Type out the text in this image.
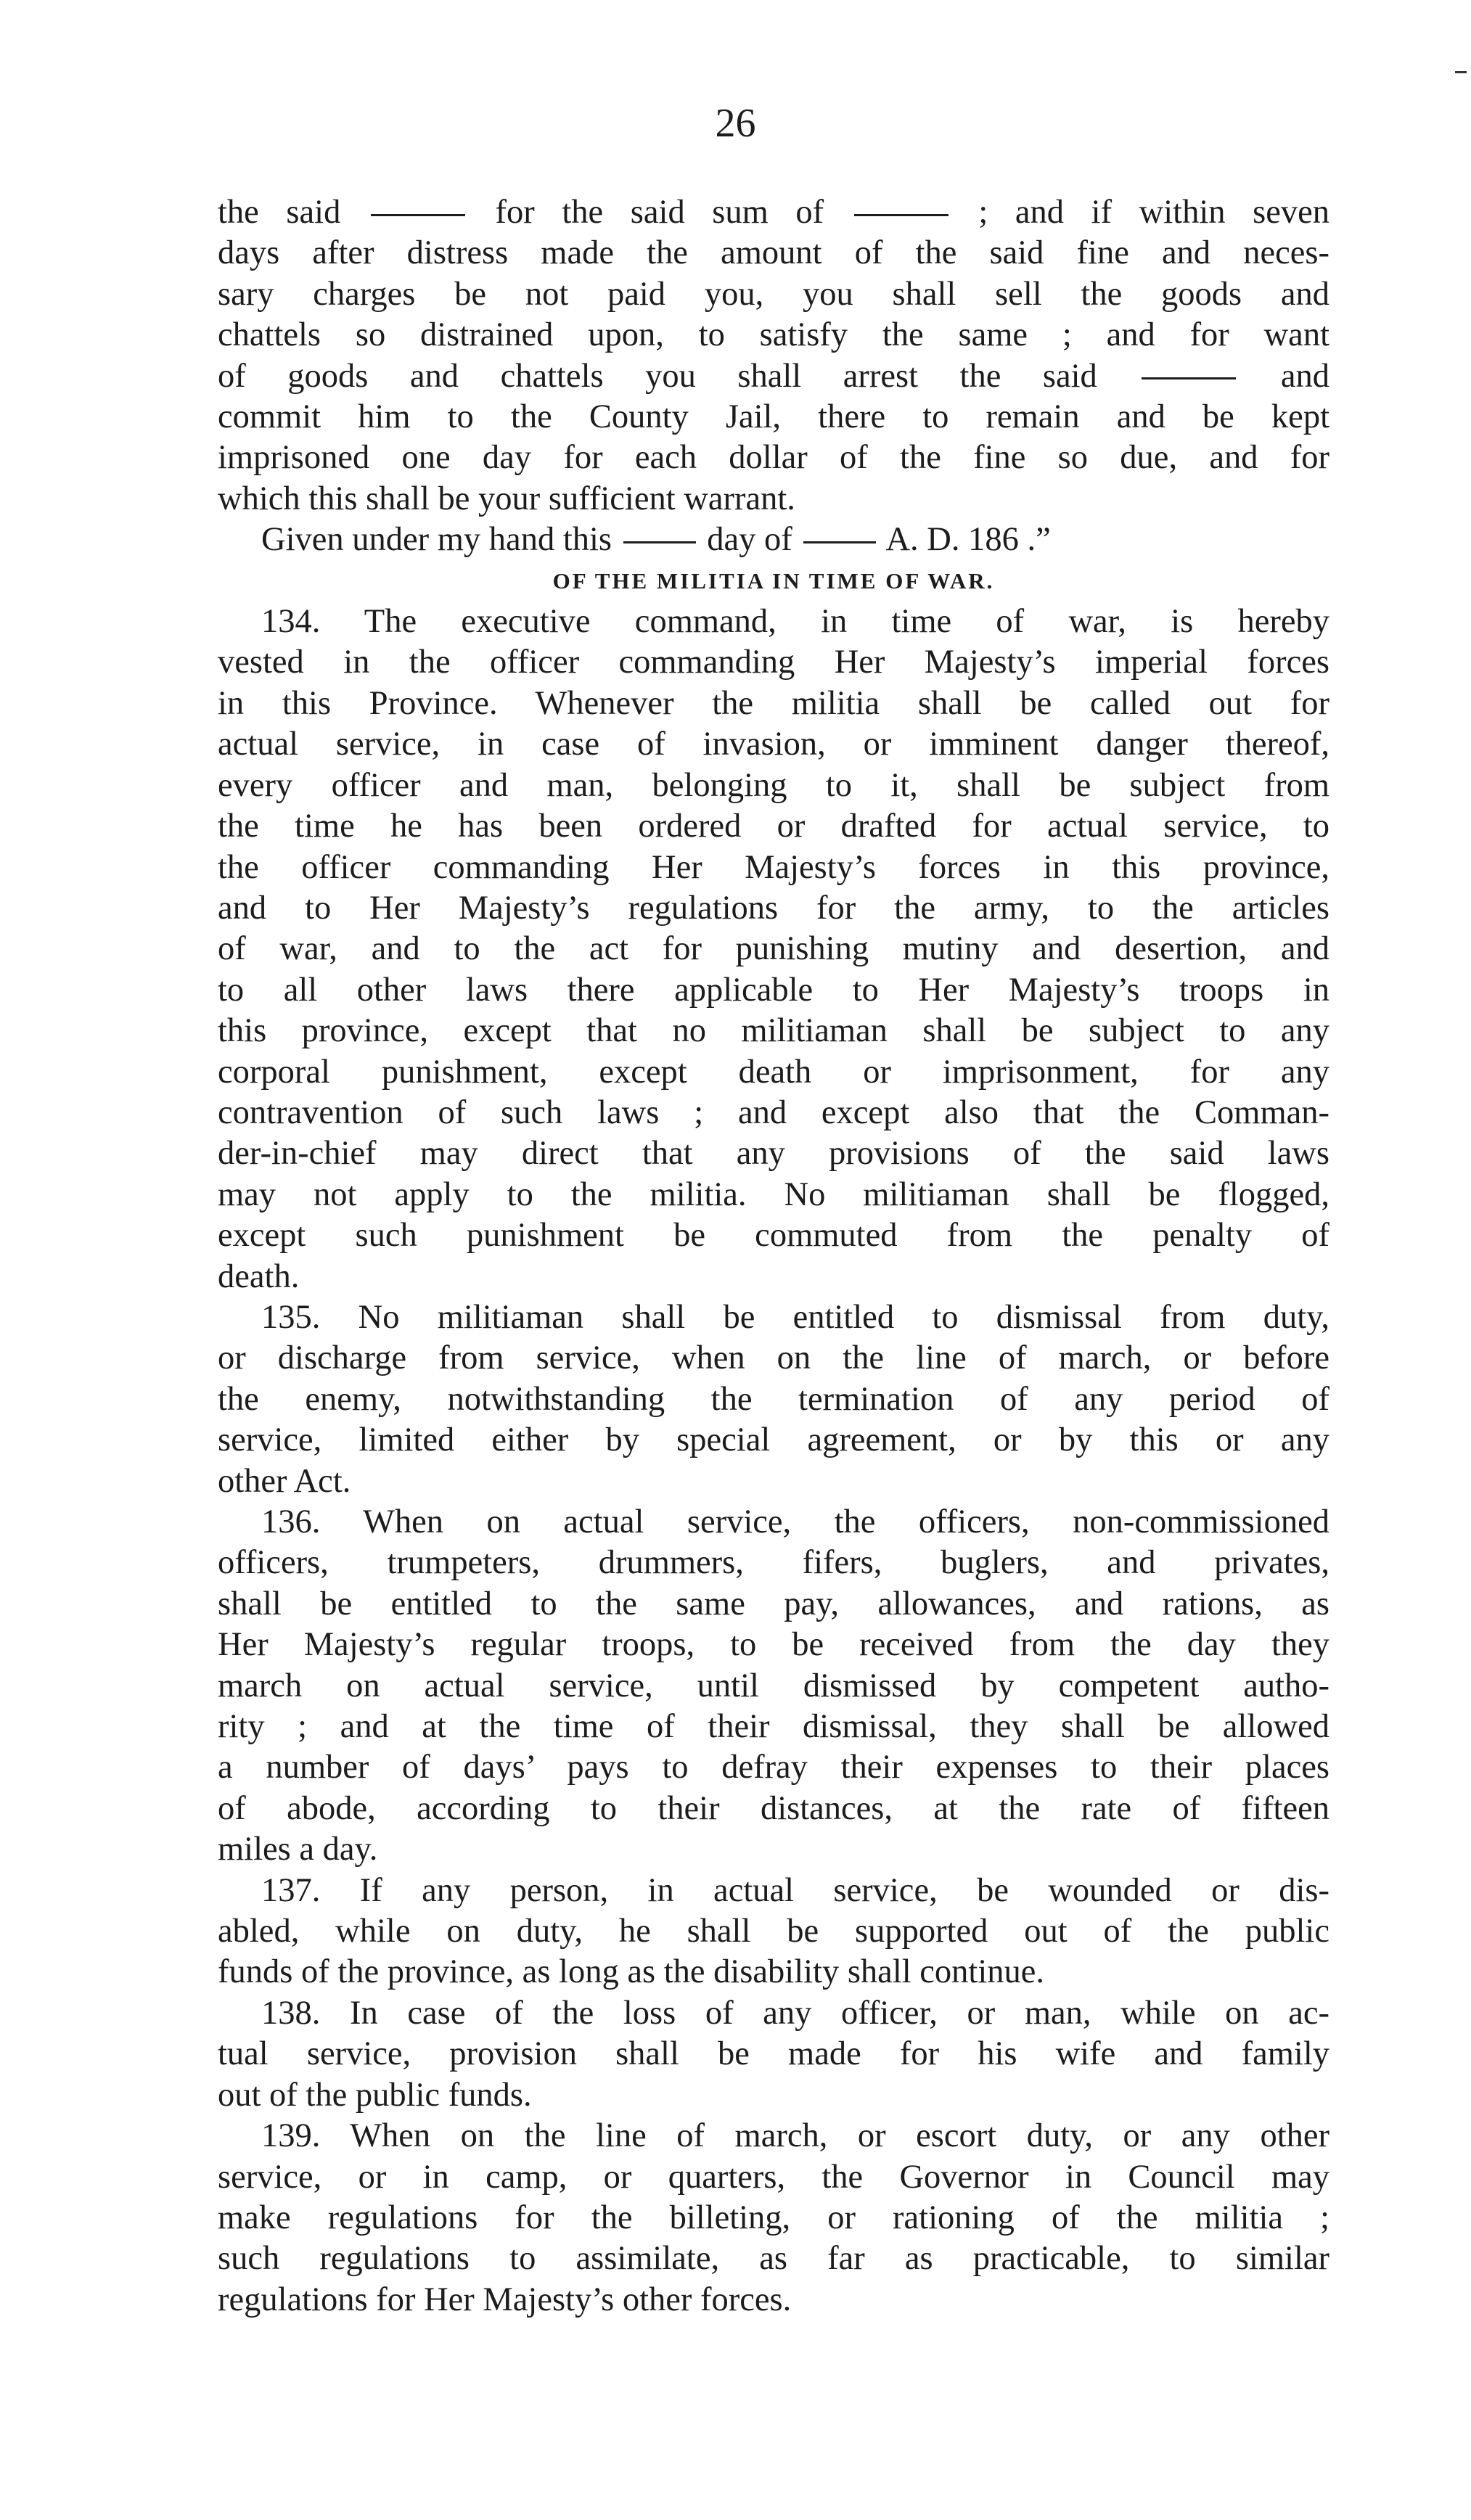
26
the said	for the said sum of	; and if within seven
days after distress made the amount of the said fine and neces-
sary charges be not paid you, you shall sell the goods and
chattels so distrained upon, to satisfy the same ; and for want
of goods and chattels you shall arrest the said	and
commit him to the County Jail, there to remain and be kept
imprisoned one day for each dollar of the fine so due, and for
which this shall be your sufficient warrant.
Given under my hand this  day of  A. D. 186 .”
OF THE MILITIA IN TIME OF WAR.
134. The executive command, in time of war, is hereby
vested in the officer commanding Her Majesty’s imperial forces
in this Province. Whenever the militia shall be called out for
actual service, in case of invasion, or imminent danger thereof,
every officer and man, belonging to it, shall be subject from
the time he has been ordered or drafted for actual service, to
the officer commanding Her Majesty’s forces in this province,
and to Her Majesty’s regulations for the army, to the articles
of war, and to the act for punishing mutiny and desertion, and
to all other laws there applicable to Her Majesty’s troops in
this province, except that no militiaman shall be subject to any
corporal punishment, except death or imprisonment, for any
contravention of such laws ; and except also that the Comman-
der-in-chief may direct that any provisions of the said laws
may not apply to the militia. No militiaman shall be flogged,
except such punishment be commuted from the penalty of
death.
135. No militiaman shall be entitled to dismissal from duty,
or discharge from service, when on the line of march, or before
the enemy, notwithstanding the termination of any period of
service, limited either by special agreement, or by this or any
other Act.
136. When on actual service, the officers, non-commissioned
officers, trumpeters, drummers, fifers, buglers, and privates,
shall be entitled to the same pay, allowances, and rations, as
Her Majesty’s regular troops, to be received from the day they
march on actual service, until dismissed by competent autho-
rity ; and at the time of their dismissal, they shall be allowed
a number of days’ pays to defray their expenses to their places
of abode, according to their distances, at the rate of fifteen
miles a day.
137. If any person, in actual service, be wounded or dis-
abled, while on duty, he shall be supported out of the public
funds of the province, as long as the disability shall continue.
138. In case of the loss of any officer, or man, while on ac-
tual service, provision shall be made for his wife and family
out of the public funds.
139. When on the line of march, or escort duty, or any other
service, or in camp, or quarters, the Governor in Council may
make regulations for the billeting, or rationing of the militia ;
such regulations to assimilate, as far as practicable, to similar
regulations for Her Majesty’s other forces.
